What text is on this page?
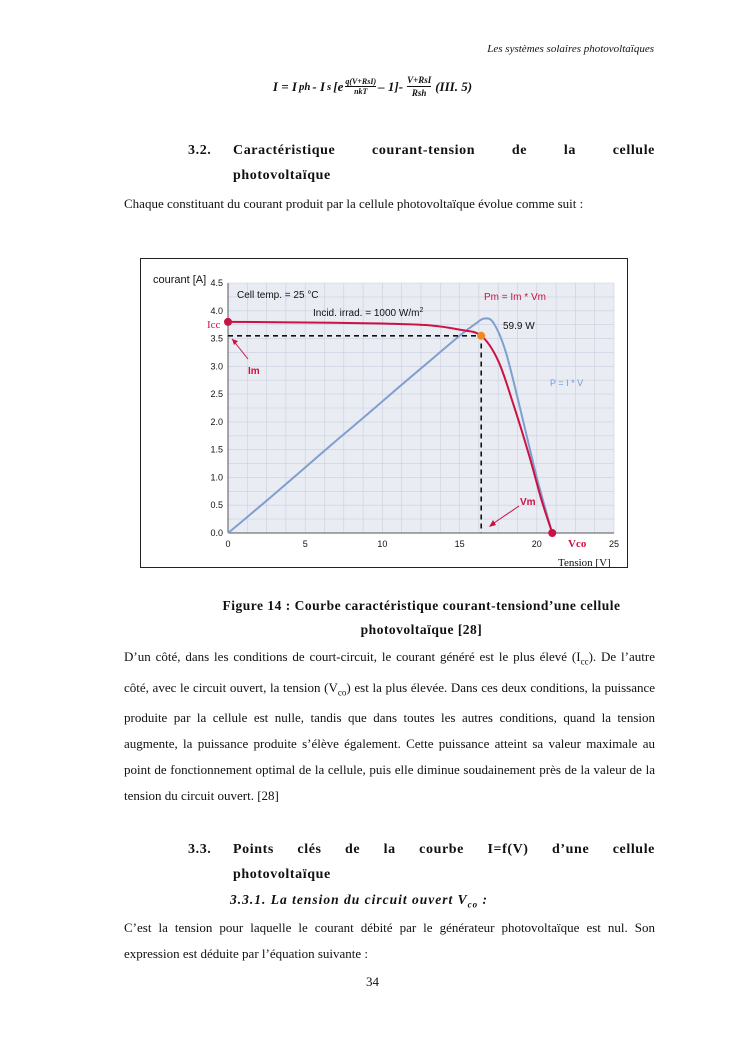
Les systèmes solaires photovoltaïques
I = I ph - I s [e q(V+RsI)
nkT – $1]- \frac{\text{V+RsI}}{\text{Rsh}} (III$. 5)
3.2. Caractéristique courant-tension de la cellule
photovoltaïque
Chaque constituant du courant produit par la cellule photovoltaïque évolue comme suit :
0.0
0.5
1.0
1.5
2.0
2.5
3.0
3.5
4.0
4.5
0	5	10	15	20	25
courant [A]
Tension [V]
Cell temp. = 25 °C
Incid. irrad. = 1000 $W/m^2$
Icc
Im
59.9 W
Pm = Im * Vm
P = I * V
Vm
Vco
Figure 14 : Courbe caractéristique courant-tensiond’une cellule
photovoltaïque [28]
D’un côté, dans les conditions de court-circuit, le courant généré est le plus élevé $(I_{cc})$. De l’autre côté, avec le circuit ouvert, la tension $(V_{co})$ est la plus élevée. Dans ces deux conditions, la puissance produite par la cellule est nulle, tandis que dans toutes les autres conditions, quand la tension augmente, la puissance produite s’élève également. Cette puissance atteint sa valeur maximale au point de fonctionnement optimal de la cellule, puis elle diminue soudainement près de la valeur de la tension du circuit ouvert. [28]
3.3. Points clés de la courbe I=f(V) d’une cellule
photovoltaïque
3.3.1. La tension du circuit ouvert $V_{co}$ :
C’est la tension pour laquelle le courant débité par le générateur photovoltaïque est nul. Son expression est déduite par l’équation suivante :
34
